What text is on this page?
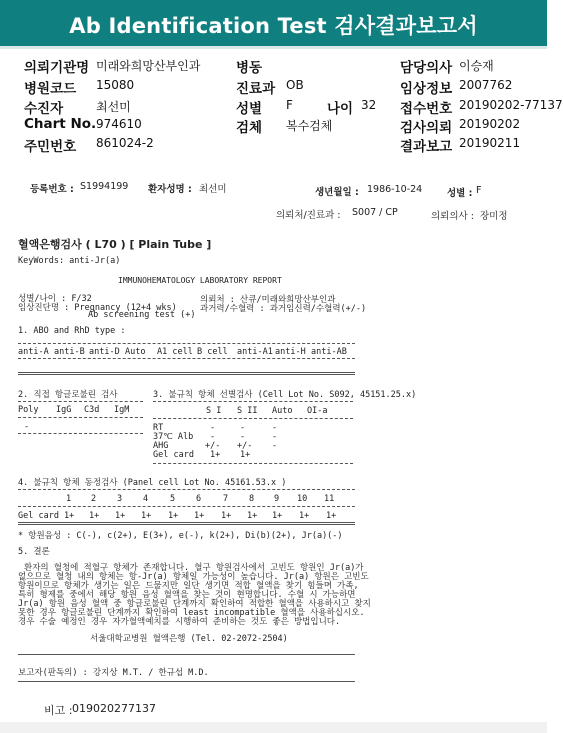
Ab Identification Test 검사결과보고서
의뢰기관명 미래와희망산부인과	병동	담당의사 이승재
병원코드 15080	진료과 OB	임상정보 2007762
수진자	최선미	성별 F	나이 32 접수번호 20190202-77137
Chart No. 974610	검체 복수검체	검사의뢰 20190202
주민번호 861024-2	결과보고 20190211
등록번호 : S1994199 환자성명 : 최선미	생년월일 : 1986-10-24	성별 : F
의뢰처/진료과 : S007 / CP	의뢰의사 : 장미정
혈액은행검사 ( L70 ) [ Plain Tube ]
KeyWords: anti-Jr(a)
IMMUNOHEMATOLOGY LABORATORY REPORT
성별/나이 : F/32
임상진단명 : Pregnancy (12+4 wks)
Ab screening test (+)
의뢰처 : 산큐/미래와희망산부인과
과거력/수혈력 : 과거임신력/수혈력(+/-)
1. ABO and RhD type :
anti-A anti-B anti-D Auto A1 cell B cell anti-A1 anti-H anti-AB
2. 직접 항글로불린 검사
Poly IgG C3d IgM
-
3. 불규칙 항체 선별검사 (Cell Lot No. S092, 45151.25.x)
S I S II Auto OI-a
RT	-	-	-
37℃ Alb -	-	-
AHG	+/- +/- -
Gel card 1+ 1+
4. 불규칙 항체 동정검사 (Panel cell Lot No. 45161.53.x )
1 2 3 4	5 6	7 8 9 10 11
Gel card 1+ 1+ 1+ 1+ 1+ 1+ 1+ 1+ 1+ 1+ 1+
* 항원음성 : C(-), c(2+), E(3+), e(-), k(2+), Di(b)(2+), Jr(a)(-)
5. 결론
환자의 혈청에 적혈구 항체가 존재합니다. 혈구 항원검사에서 고빈도 항원인 Jr(a)가
없으므로 혈청 내의 항체는 항-Jr(a) 항체일 가능성이 높습니다. Jr(a) 항원은 고빈도
항원이므로 항체가 생기는 일은 드물지만 일단 생기면 적합 혈액을 찾기 힘들며 가족,
특히 형제를 중에서 해당 항원 음성 혈액을 찾는 것이 현명합니다. 수혈 시 가능하면
Jr(a) 항원 음성 혈액 중 항글로불린 단계까지 확인하여 적합한 혈액을 사용하시고 찾지
못한 경우 항글로불린 단계까지 확인하여 least incompatible 혈액을 사용하십시오.
경우 수술 예정인 경우 자가혈액예치를 시행하여 준비하는 것도 좋은 방법입니다.
서울대학교병원 혈액은행 (Tel. 02-2072-2504)
보고자(판독의) : 강지상 M.T. / 한규섭 M.D.
비고 : 019020277137
